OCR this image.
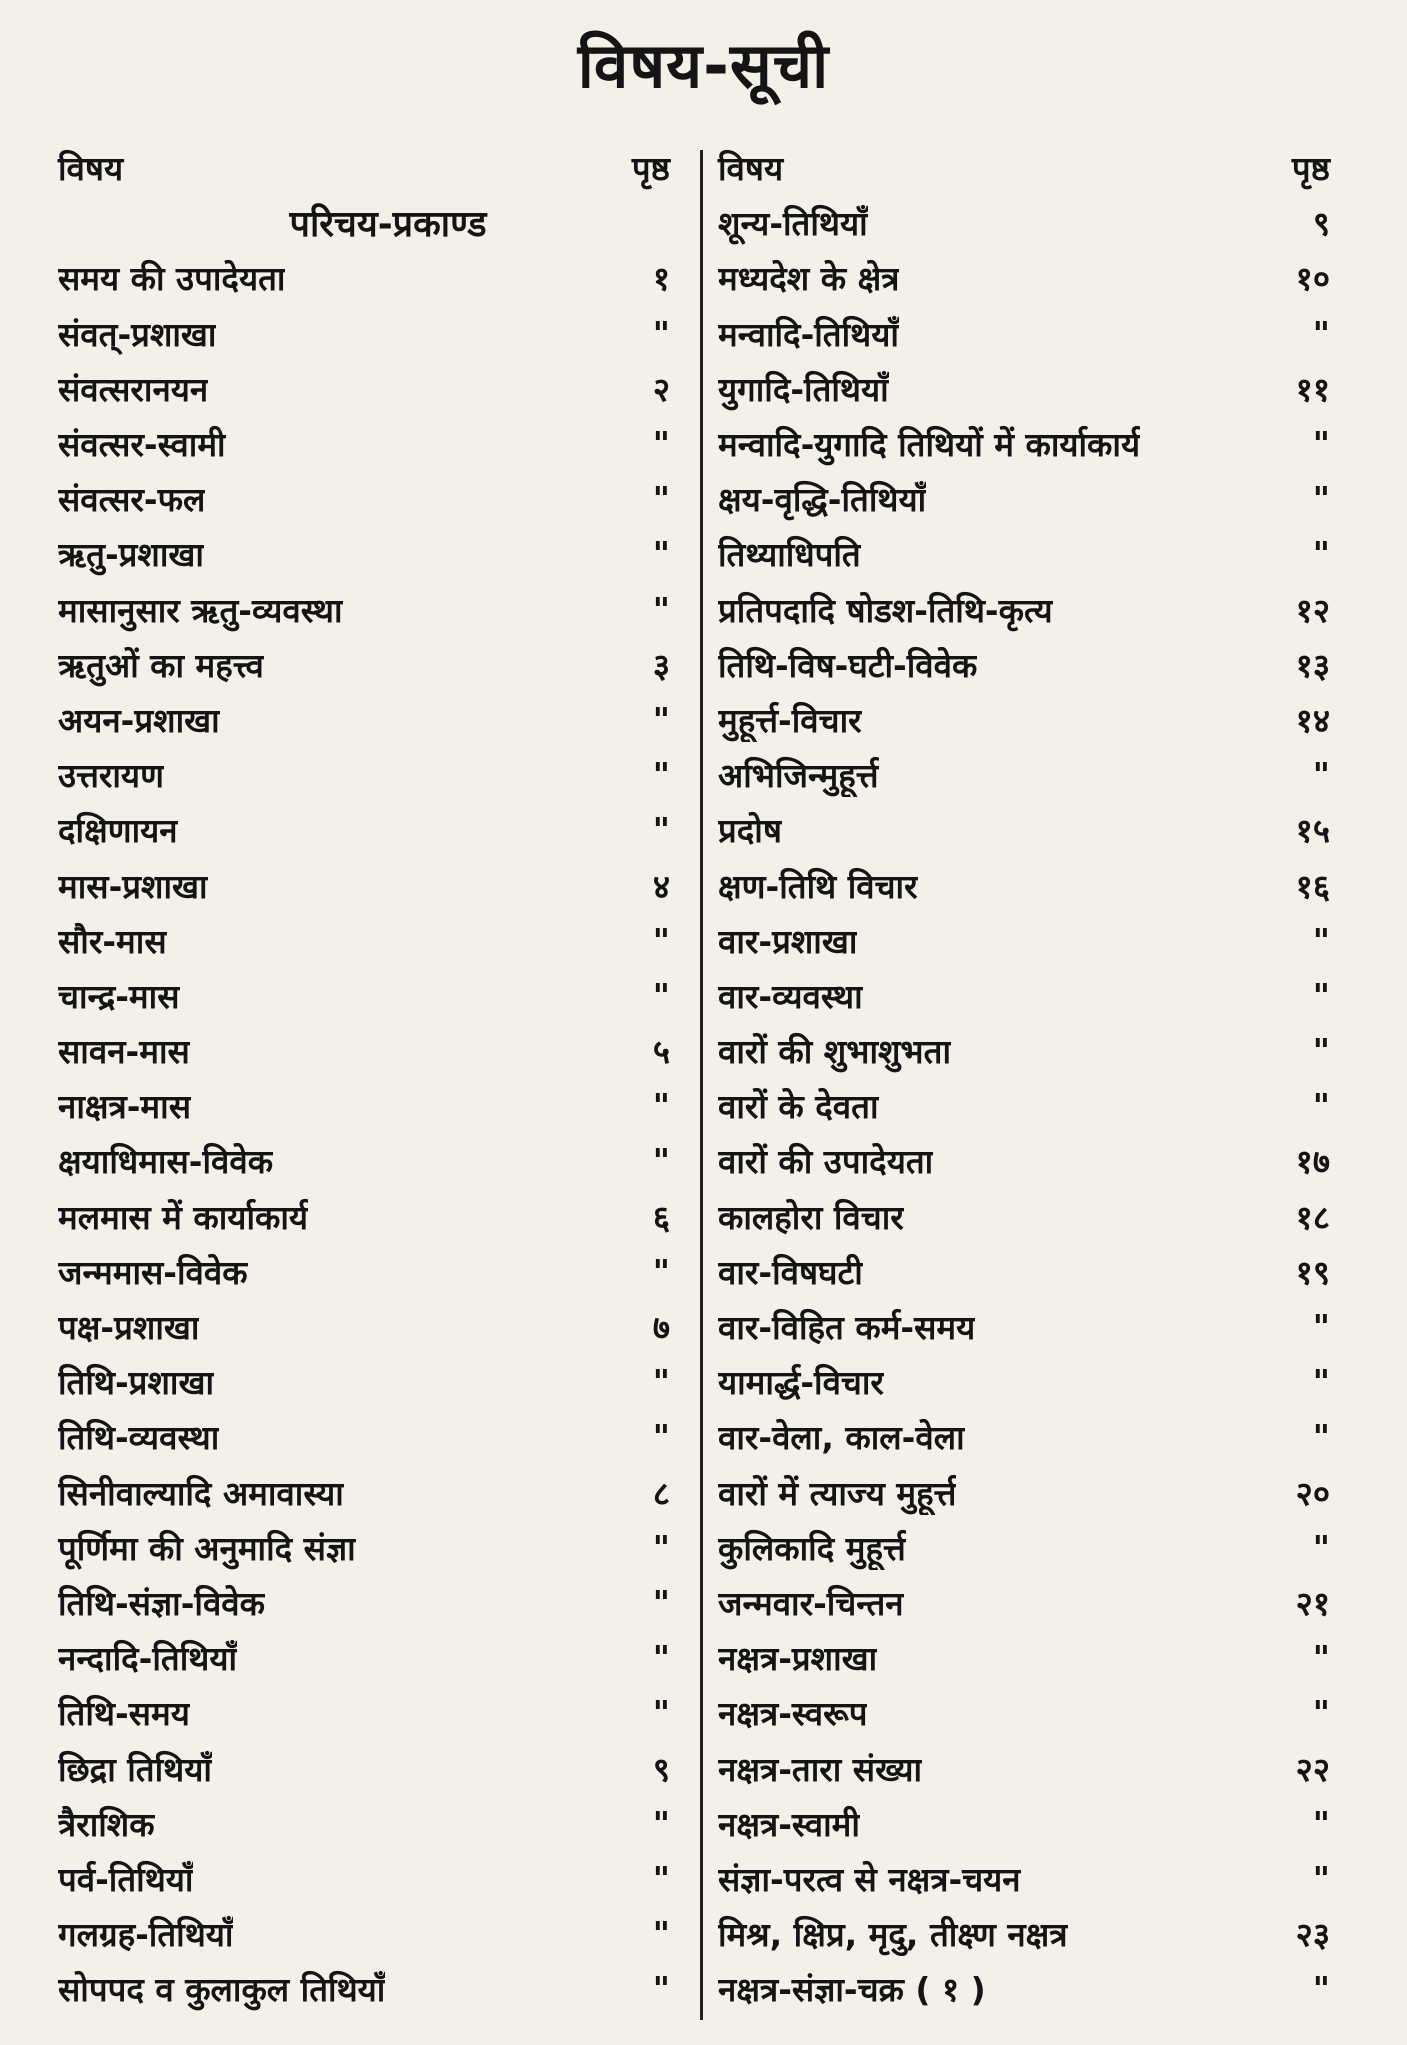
विषय-सूची
विषय	पृष्ठ
परिचय-प्रकाण्ड
समय की उपादेयता	१
संवत्-प्रशाखा	"
संवत्सरानयन	२
संवत्सर-स्वामी	"
संवत्सर-फल	"
ऋतु-प्रशाखा	"
मासानुसार ऋतु-व्यवस्था	"
ऋतुओं का महत्त्व	३
अयन-प्रशाखा	"
उत्तरायण	"
दक्षिणायन	"
मास-प्रशाखा	४
सौर-मास	"
चान्द्र-मास	"
सावन-मास	५
नाक्षत्र-मास	"
क्षयाधिमास-विवेक	"
मलमास में कार्याकार्य	६
जन्ममास-विवेक	"
पक्ष-प्रशाखा	७
तिथि-प्रशाखा	"
तिथि-व्यवस्था	"
सिनीवाल्यादि अमावास्या	८
पूर्णिमा की अनुमादि संज्ञा	"
तिथि-संज्ञा-विवेक	"
नन्दादि-तिथियाँ	"
तिथि-समय	"
छिद्रा तिथियाँ	९
त्रैराशिक	"
पर्व-तिथियाँ	"
गलग्रह-तिथियाँ	"
सोपपद व कुलाकुल तिथियाँ	"
विषय	पृष्ठ
शून्य-तिथियाँ	९
मध्यदेश के क्षेत्र	१०
मन्वादि-तिथियाँ	"
युगादि-तिथियाँ	११
मन्वादि-युगादि तिथियों में कार्याकार्य	"
क्षय-वृद्धि-तिथियाँ	"
तिथ्याधिपति	"
प्रतिपदादि षोडश-तिथि-कृत्य	१२
तिथि-विष-घटी-विवेक	१३
मुहूर्त्त-विचार	१४
अभिजिन्मुहूर्त्त	"
प्रदोष	१५
क्षण-तिथि विचार	१६
वार-प्रशाखा	"
वार-व्यवस्था	"
वारों की शुभाशुभता	"
वारों के देवता	"
वारों की उपादेयता	१७
कालहोरा विचार	१८
वार-विषघटी	१९
वार-विहित कर्म-समय	"
यामार्द्ध-विचार	"
वार-वेला, काल-वेला	"
वारों में त्याज्य मुहूर्त्त	२०
कुलिकादि मुहूर्त्त	"
जन्मवार-चिन्तन	२१
नक्षत्र-प्रशाखा	"
नक्षत्र-स्वरूप	"
नक्षत्र-तारा संख्या	२२
नक्षत्र-स्वामी	"
संज्ञा-परत्व से नक्षत्र-चयन	"
मिश्र, क्षिप्र, मृदु, तीक्ष्ण नक्षत्र	२३
नक्षत्र-संज्ञा-चक्र ( १ )	"
